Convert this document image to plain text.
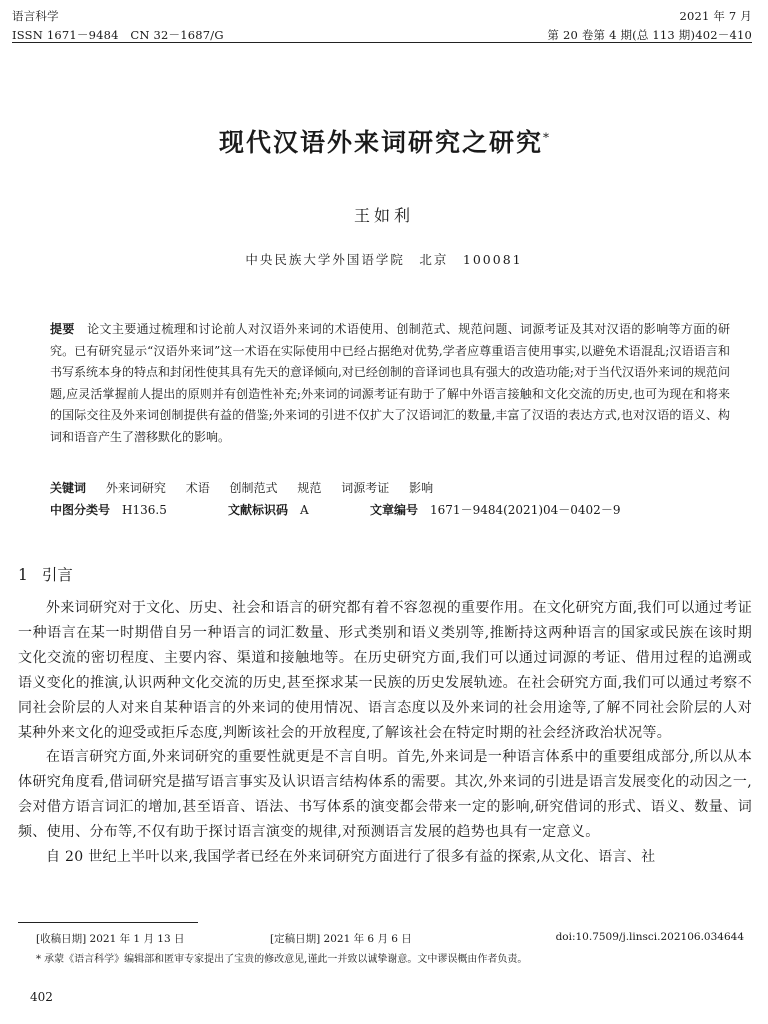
语言科学
ISSN 1671－9484　CN 32－1687/G
2021 年 7 月
第 20 卷第 4 期(总 113 期)402－410
现代汉语外来词研究之研究*
王如利
中央民族大学外国语学院　北京　100081
提要　 论文主要通过梳理和讨论前人对汉语外来词的术语使用、创制范式、规范问题、词源考证及其对汉语的影响等方面的研究。已有研究显示“汉语外来词”这一术语在实际使用中已经占据绝对优势,学者应尊重语言使用事实,以避免术语混乱;汉语语言和书写系统本身的特点和封闭性使其具有先天的意译倾向,对已经创制的音译词也具有强大的改造功能;对于当代汉语外来词的规范问题,应灵活掌握前人提出的原则并有创造性补充;外来词的词源考证有助于了解中外语言接触和文化交流的历史,也可为现在和将来的国际交往及外来词创制提供有益的借鉴;外来词的引进不仅扩大了汉语词汇的数量,丰富了汉语的表达方式,也对汉语的语义、构词和语音产生了潜移默化的影响。
关键词 外来词研究 术语 创制范式 规范 词源考证 影响
中图分类号　 H136.5	文献标识码　 A	文章编号　 1671－9484(2021)04－0402－9
1 引言

外来词研究对于文化、历史、社会和语言的研究都有着不容忽视的重要作用。在文化研究方面,我们可以通过考证一种语言在某一时期借自另一种语言的词汇数量、形式类别和语义类别等,推断持这两种语言的国家或民族在该时期文化交流的密切程度、主要内容、渠道和接触地等。在历史研究方面,我们可以通过词源的考证、借用过程的追溯或语义变化的推演,认识两种文化交流的历史,甚至探求某一民族的历史发展轨迹。在社会研究方面,我们可以通过考察不同社会阶层的人对来自某种语言的外来词的使用情况、语言态度以及外来词的社会用途等,了解不同社会阶层的人对某种外来文化的迎受或拒斥态度,判断该社会的开放程度,了解该社会在特定时期的社会经济政治状况等。

在语言研究方面,外来词研究的重要性就更是不言自明。首先,外来词是一种语言体系中的重要组成部分,所以从本体研究角度看,借词研究是描写语言事实及认识语言结构体系的需要。其次,外来词的引进是语言发展变化的动因之一,会对借方语言词汇的增加,甚至语音、语法、书写体系的演变都会带来一定的影响,研究借词的形式、语义、数量、词频、使用、分布等,不仅有助于探讨语言演变的规律,对预测语言发展的趋势也具有一定意义。

自 20 世纪上半叶以来,我国学者已经在外来词研究方面进行了很多有益的探索,从文化、语言、社

[收稿日期] 2021 年 1 月 13 日	[定稿日期] 2021 年 6 月 6 日	doi:10.7509/j.linsci.202106.034644
* 承蒙《语言科学》编辑部和匿审专家提出了宝贵的修改意见,谨此一并致以诚挚谢意。文中谬误概由作者负责。
402
